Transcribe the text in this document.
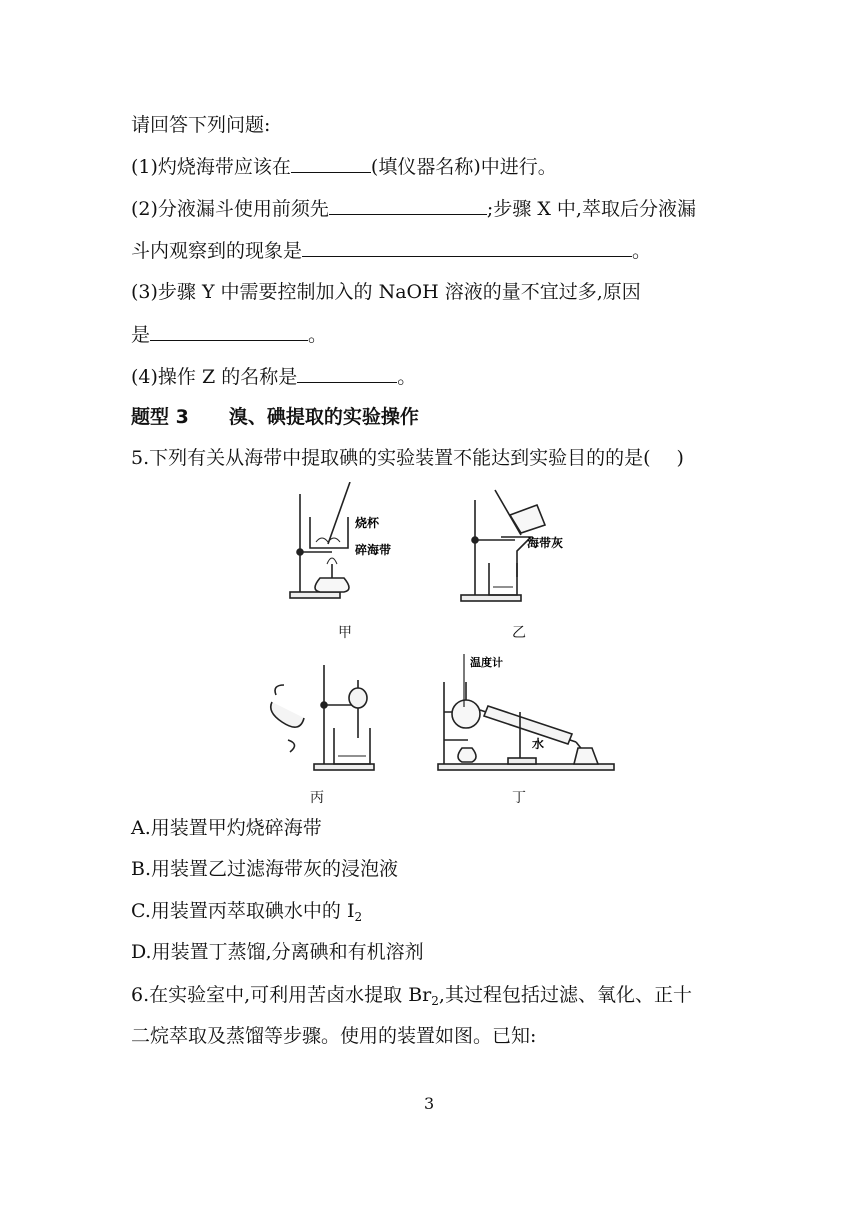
请回答下列问题:
(1)灼烧海带应该在	(填仪器名称)中进行。
(2)分液漏斗使用前须先	;步骤 X 中,萃取后分液漏
斗内观察到的现象是	。
(3)步骤 Y 中需要控制加入的 NaOH 溶液的量不宜过多,原因
是	。
(4)操作 Z 的名称是	。
题型 3 溴、碘提取的实验操作
5.下列有关从海带中提取碘的实验装置不能达到实验目的的是( )
烧杯
碎海带
甲
海带灰
乙
丙
温度计
水
丁
A.用装置甲灼烧碎海带
B.用装置乙过滤海带灰的浸泡液
C.用装置丙萃取碘水中的 $I_2$
D.用装置丁蒸馏,分离碘和有机溶剂
6.在实验室中,可利用苦卤水提取 $Br_2$,其过程包括过滤、氧化、正十
二烷萃取及蒸馏等步骤。使用的装置如图。已知:
3
